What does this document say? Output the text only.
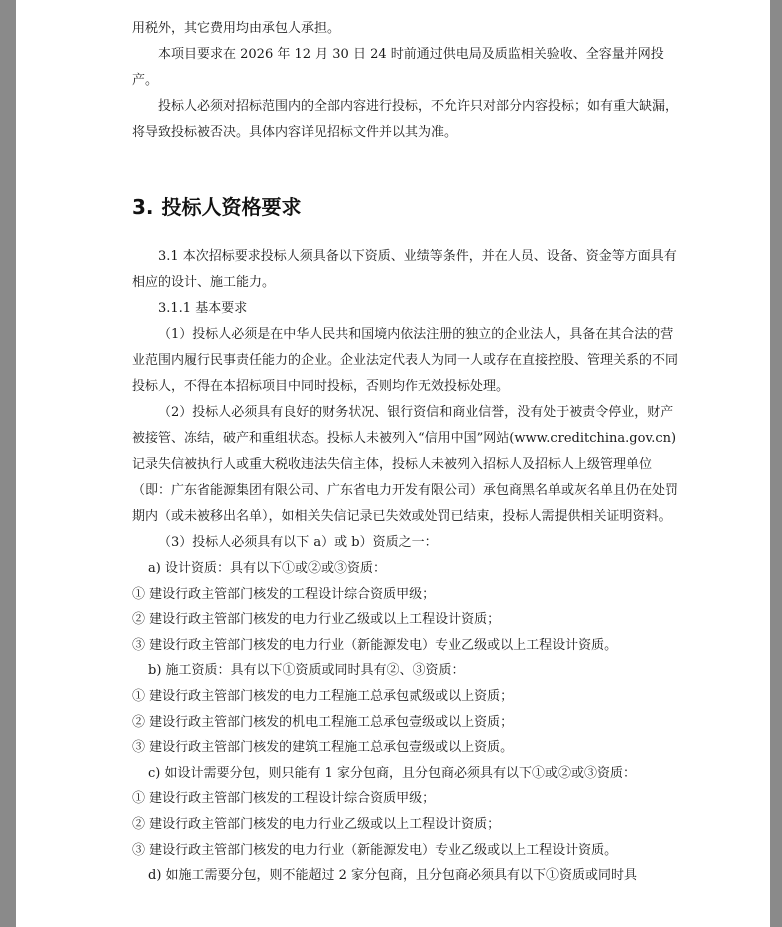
用税外，其它费用均由承包人承担。

本项目要求在 2026 年 12 月 30 日 24 时前通过供电局及质监相关验收、全容量并网投产。

投标人必须对招标范围内的全部内容进行投标，不允许只对部分内容投标；如有重大缺漏，将导致投标被否决。具体内容详见招标文件并以其为准。

3. 投标人资格要求

3.1 本次招标要求投标人须具备以下资质、业绩等条件，并在人员、设备、资金等方面具有相应的设计、施工能力。

3.1.1 基本要求

（1）投标人必须是在中华人民共和国境内依法注册的独立的企业法人，具备在其合法的营业范围内履行民事责任能力的企业。企业法定代表人为同一人或存在直接控股、管理关系的不同投标人，不得在本招标项目中同时投标，否则均作无效投标处理。

（2）投标人必须具有良好的财务状况、银行资信和商业信誉，没有处于被责令停业，财产被接管、冻结，破产和重组状态。投标人未被列入“信用中国”网站(www.creditchina.gov.cn)记录失信被执行人或重大税收违法失信主体，投标人未被列入招标人及招标人上级管理单位（即：广东省能源集团有限公司、广东省电力开发有限公司）承包商黑名单或灰名单且仍在处罚期内（或未被移出名单），如相关失信记录已失效或处罚已结束，投标人需提供相关证明资料。

（3）投标人必须具有以下 a）或 b）资质之一：

a) 设计资质：具有以下①或②或③资质：

① 建设行政主管部门核发的工程设计综合资质甲级；

② 建设行政主管部门核发的电力行业乙级或以上工程设计资质；

③ 建设行政主管部门核发的电力行业（新能源发电）专业乙级或以上工程设计资质。

b) 施工资质：具有以下①资质或同时具有②、③资质：

① 建设行政主管部门核发的电力工程施工总承包贰级或以上资质；

② 建设行政主管部门核发的机电工程施工总承包壹级或以上资质；

③ 建设行政主管部门核发的建筑工程施工总承包壹级或以上资质。

c) 如设计需要分包，则只能有 1 家分包商，且分包商必须具有以下①或②或③资质：

① 建设行政主管部门核发的工程设计综合资质甲级；

② 建设行政主管部门核发的电力行业乙级或以上工程设计资质；

③ 建设行政主管部门核发的电力行业（新能源发电）专业乙级或以上工程设计资质。

d) 如施工需要分包，则不能超过 2 家分包商，且分包商必须具有以下①资质或同时具
